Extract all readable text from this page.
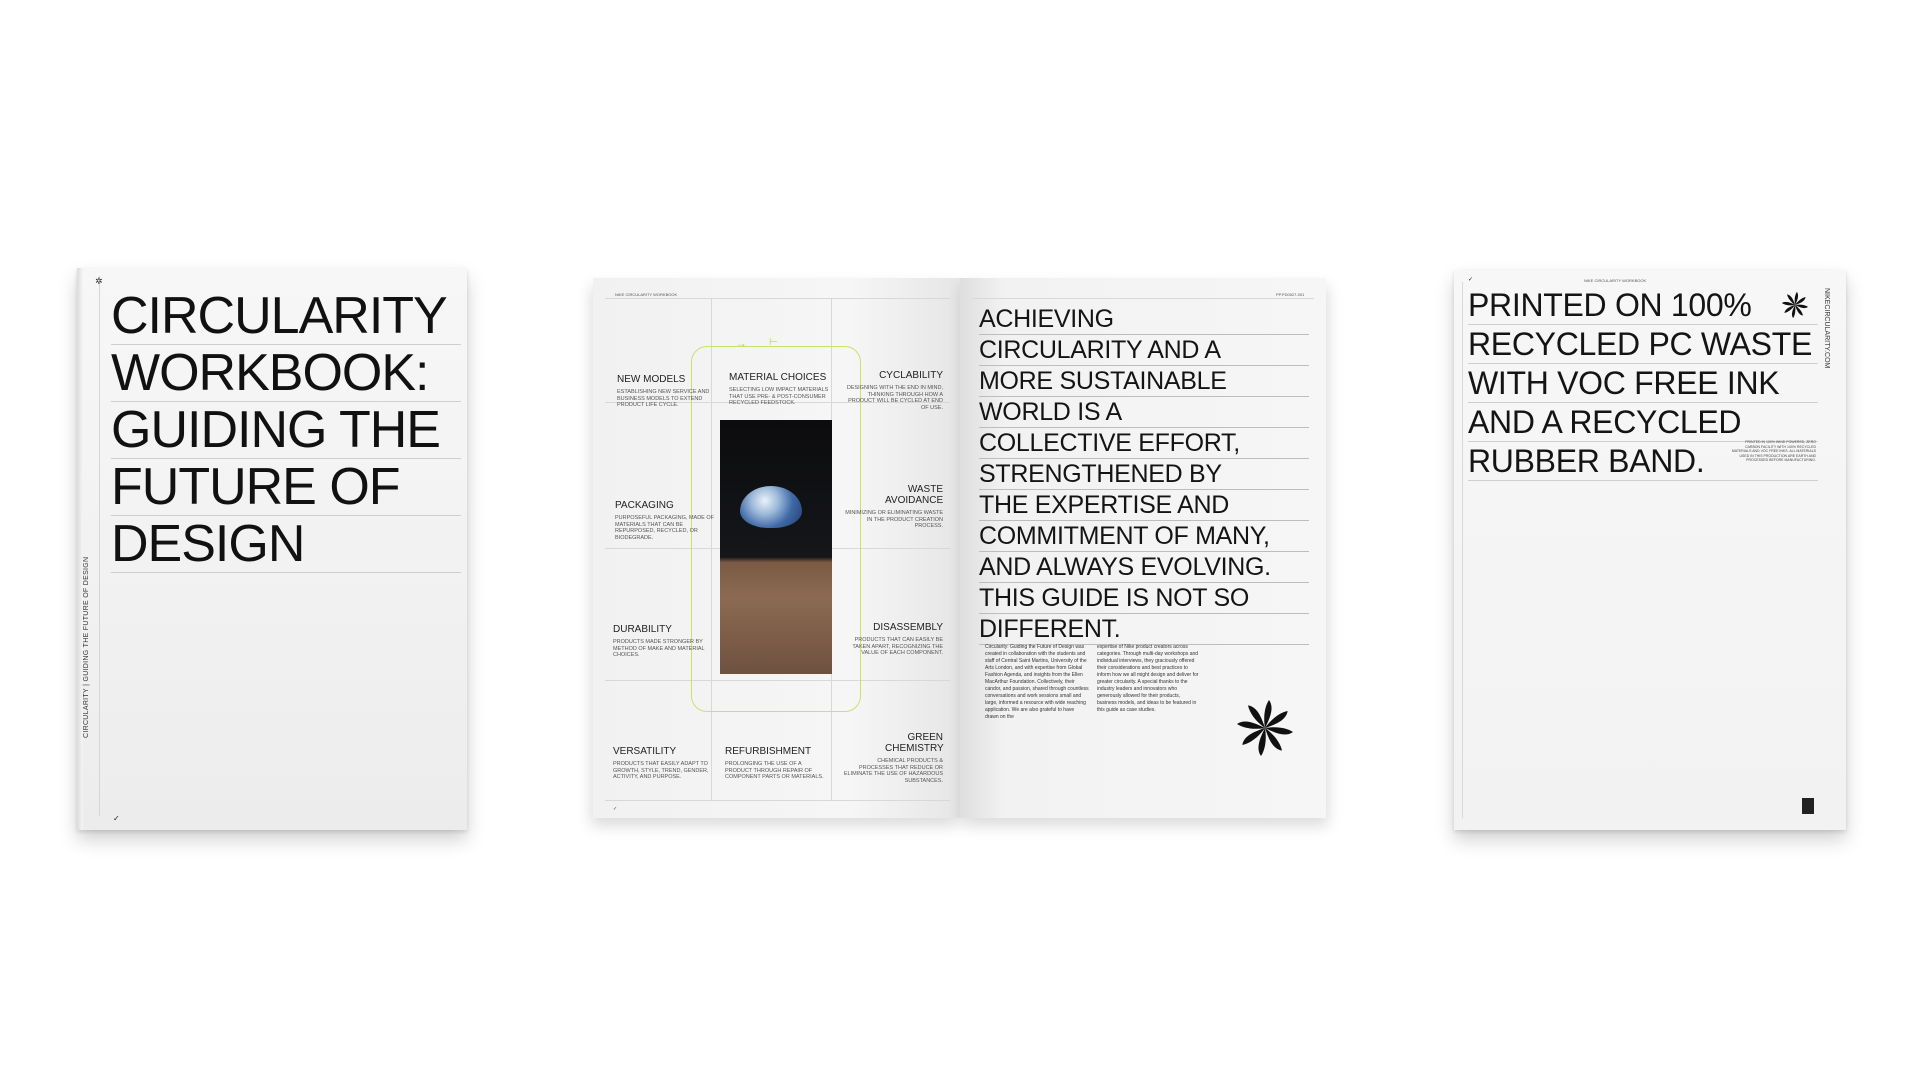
✲
CIRCULARITY
WORKBOOK:
GUIDING THE
FUTURE OF
DESIGN
CIRCULARITY | GUIDING THE FUTURE OF DESIGN
✓
NIKE CIRCULARITY WORKBOOK
→ ⊢
NEW MODELS
ESTABLISHING NEW SERVICE AND BUSINESS MODELS TO EXTEND PRODUCT LIFE CYCLE.
MATERIAL CHOICES
SELECTING LOW IMPACT MATERIALS THAT USE PRE- & POST-CONSUMER RECYCLED FEEDSTOCK.
CYCLABILITY
DESIGNING WITH THE END IN MIND, THINKING THROUGH HOW A PRODUCT WILL BE CYCLED AT END OF USE.
PACKAGING
PURPOSEFUL PACKAGING, MADE OF MATERIALS THAT CAN BE REPURPOSED, RECYCLED, OR BIODEGRADE.
WASTE AVOIDANCE
MINIMIZING OR ELIMINATING WASTE IN THE PRODUCT CREATION PROCESS.
DURABILITY
PRODUCTS MADE STRONGER BY METHOD OF MAKE AND MATERIAL CHOICES.
DISASSEMBLY
PRODUCTS THAT CAN EASILY BE TAKEN APART, RECOGNIZING THE VALUE OF EACH COMPONENT.
VERSATILITY
PRODUCTS THAT EASILY ADAPT TO GROWTH, STYLE, TREND, GENDER, ACTIVITY, AND PURPOSE.
REFURBISHMENT
PROLONGING THE USE OF A PRODUCT THROUGH REPAIR OF COMPONENT PARTS OR MATERIALS.
GREEN CHEMISTRY
CHEMICAL PRODUCTS & PROCESSES THAT REDUCE OR ELIMINATE THE USE OF HAZARDOUS SUBSTANCES.
✓
PP.PD0527-001
ACHIEVING
CIRCULARITY AND A
MORE SUSTAINABLE
WORLD IS A
COLLECTIVE EFFORT,
STRENGTHENED BY
THE EXPERTISE AND
COMMITMENT OF MANY,
AND ALWAYS EVOLVING.
THIS GUIDE IS NOT SO
DIFFERENT.
Circularity: Guiding the Future of Design was created in collaboration with the students and staff of Central Saint Martins, University of the Arts London, and with expertise from Global Fashion Agenda, and insights from the Ellen MacArthur Foundation. Collectively, their candor, and passion, shared through countless conversations and work sessions small and large, informed a resource with wide reaching application. We are also grateful to have drawn on the
expertise of Nike product creators across categories. Through multi-day workshops and individual interviews, they graciously offered their considerations and best practices to inform how we all might design and deliver for greater circularity. A special thanks to the industry leaders and innovators who generously allowed for their products, business models, and ideas to be featured in this guide as case studies.
✓	NIKE CIRCULARITY WORKBOOK
PRINTED ON 100%
RECYCLED PC WASTE
WITH VOC FREE INK
AND A RECYCLED
RUBBER BAND.
NIKECIRCULARITY.COM
PRINTED IN 100% WIND POWERED, ZERO CARBON FACILITY WITH 100% RECYCLED MATERIALS AND VOC FREE INKS. ALL MATERIALS USED IN THIS PRODUCTION ARE EARTH AND PROCESSED BEFORE MANUFACTURING.
